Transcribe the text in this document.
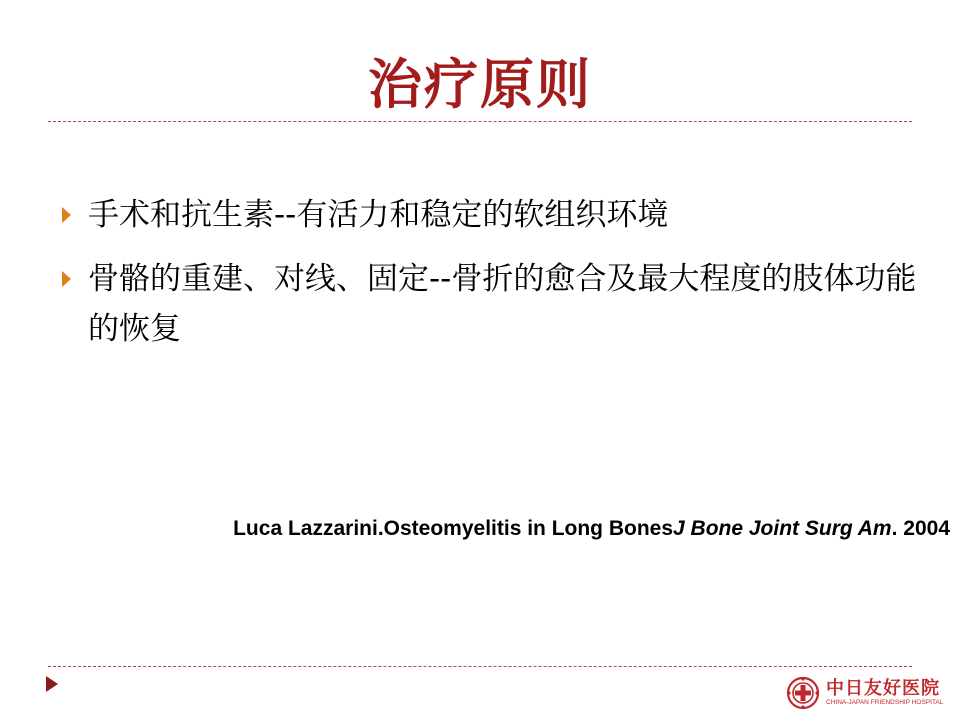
治疗原则
手术和抗生素--有活力和稳定的软组织环境
骨骼的重建、对线、固定--骨折的愈合及最大程度的肢体功能的恢复
Luca Lazzarini.Osteomyelitis in Long BonesJ Bone Joint Surg Am. 2004
中日友好医院
CHINA-JAPAN FRIENDSHIP HOSPITAL
